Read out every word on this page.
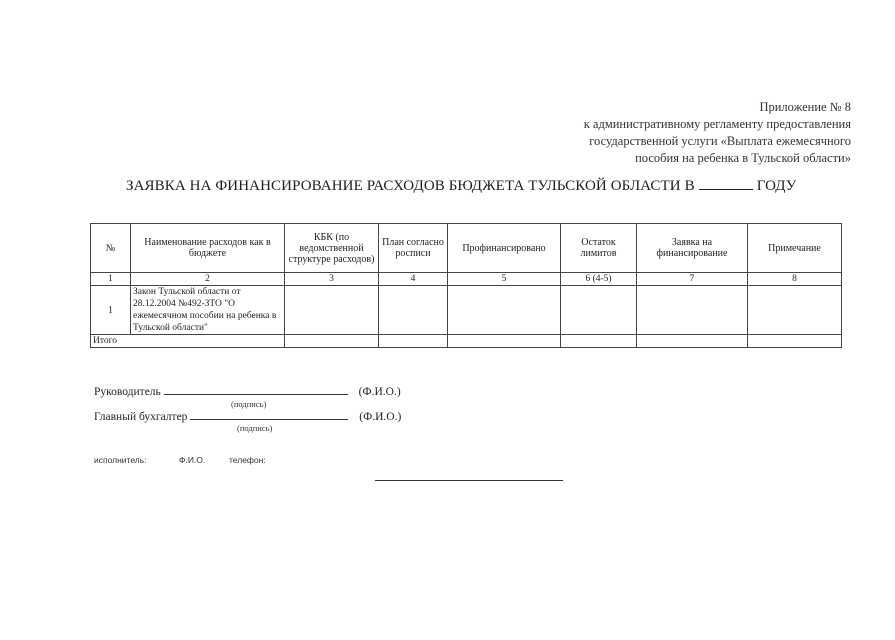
Приложение № 8
к административному регламенту предоставления
государственной услуги «Выплата ежемесячного
пособия на ребенка в Тульской области»
ЗАЯВКА НА ФИНАНСИРОВАНИЕ РАСХОДОВ БЮДЖЕТА ТУЛЬСКОЙ ОБЛАСТИ В	ГОДУ
№	Наименование расходов как в бюджете	КБК (по ведомственной структуре расходов)	План согласно росписи	Профинансировано	Остаток лимитов	Заявка на финансирование	Примечание
1	2	3	4	5	6 (4-5)	7	8
1	Закон Тульской области от 28.12.2004 №492-ЗТО "О ежемесячном пособии на ребенка в Тульской области"						
Итого							
Руководитель	(Ф.И.О.)
(подпись)
Главный бухгалтер	(Ф.И.О.)
(подпись)
исполнитель:	Ф.И.О.	телефон:
